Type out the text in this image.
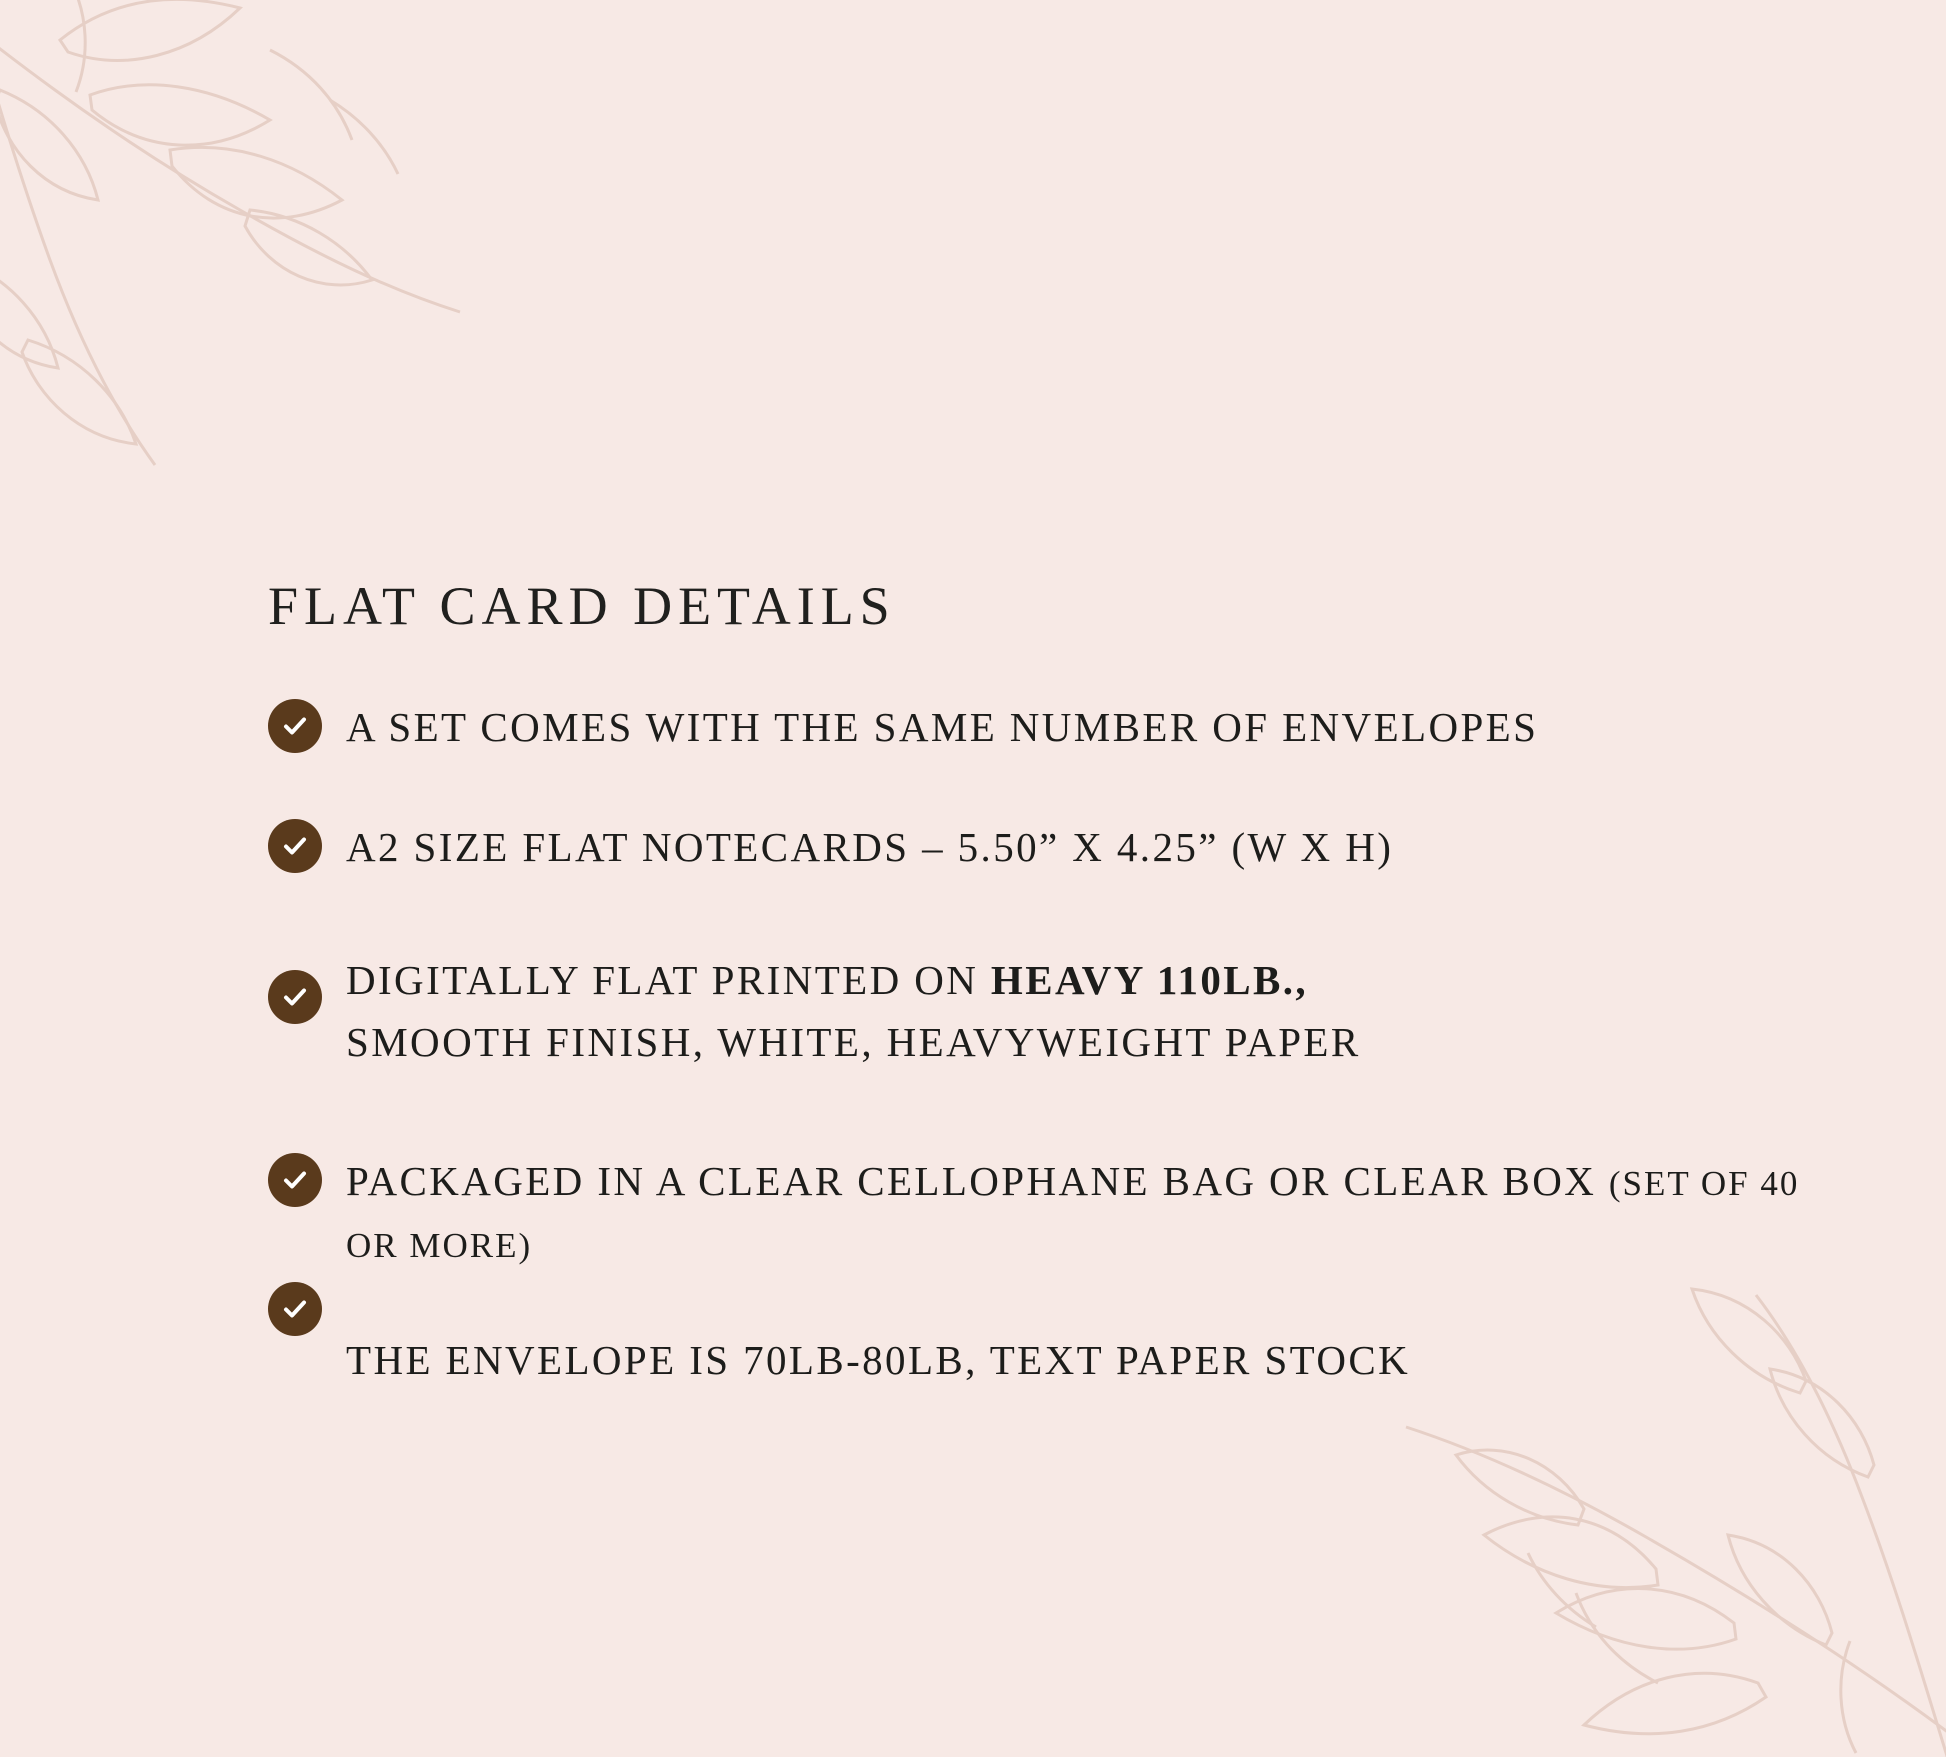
FLAT CARD DETAILS
A SET COMES WITH THE SAME NUMBER OF ENVELOPES
A2 SIZE FLAT NOTECARDS – 5.50” X 4.25” (W X H)
DIGITALLY FLAT PRINTED ON HEAVY 110LB.,
SMOOTH FINISH, WHITE, HEAVYWEIGHT PAPER
PACKAGED IN A CLEAR CELLOPHANE BAG OR CLEAR BOX (SET OF 40 OR MORE)
THE ENVELOPE IS 70LB-80LB, TEXT PAPER STOCK
